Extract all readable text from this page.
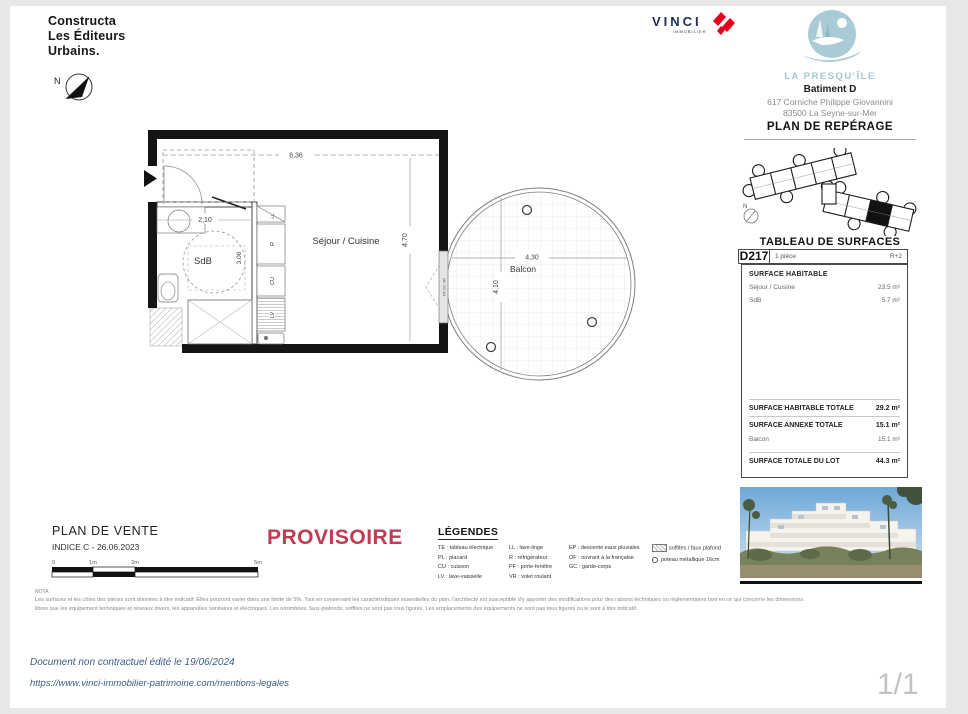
Constructa
Les Éditeurs
Urbains.
N
VINCI
IMMOBILIER
LA PRESQU'ÎLE
Batiment D
617 Corniche Philippe Giovannini
83500 La Seyne-sur-Mer
PLAN DE REPÉRAGE
N
TABLEAU DE SURFACES
D217	1 pièce	R+2
SURFACE HABITABLE
Séjour / Cuisine	23.5 m²
SdB	5.7 m²
SURFACE HABITABLE TOTALE	29.2 m²
SURFACE ANNEXE TOTALE	15.1 m²
Balcon	15.1 m²
SURFACE TOTALE DU LOT	44.3 m²
4,30
Balcon
4,10
PF GC VR
6,36
4,70
2,10
SdB	3,06
LL
R
CU
LV
Séjour / Cuisine
PLAN DE VENTE
INDICE C - 26.06.2023
0	1m	2m	5m
PROVISOIRE	LÉGENDES
TE : tableau électrique
PL : placard
CU : cuisson
LV : lave-vaisselle
LL : lave-linge
R : réfrigérateur
PF : porte-fenêtre
VR : volet roulant
EP : descente eaux pluviales
OF : ouvrant à la française
GC : garde-corps
soffites / faux plafond
poteau métallique 16cm
NOTA:
Les surfaces et les côtes des pièces sont données à titre indicatif. Elles pourront varier dans une limite de 5%. Tout en conservant les caractéristiques essentielles du plan, l'architecte est susceptible d'y apporter des modifications pour des raisons techniques ou réglementaires tant en ce qui concerne les dimensions
libres que les équipement techniques et réseaux divers, les appareilles sanitaires et électriques. Les retombées, faux-plafonds, soffites ne sont pas tous figurés. Les emplacements des équipements ne sont pas tous figurés ou le sont à titre indicatif.
Document non contractuel édité le 19/06/2024
https://www.vinci-immobilier-patrimoine.com/mentions-legales	1/1
